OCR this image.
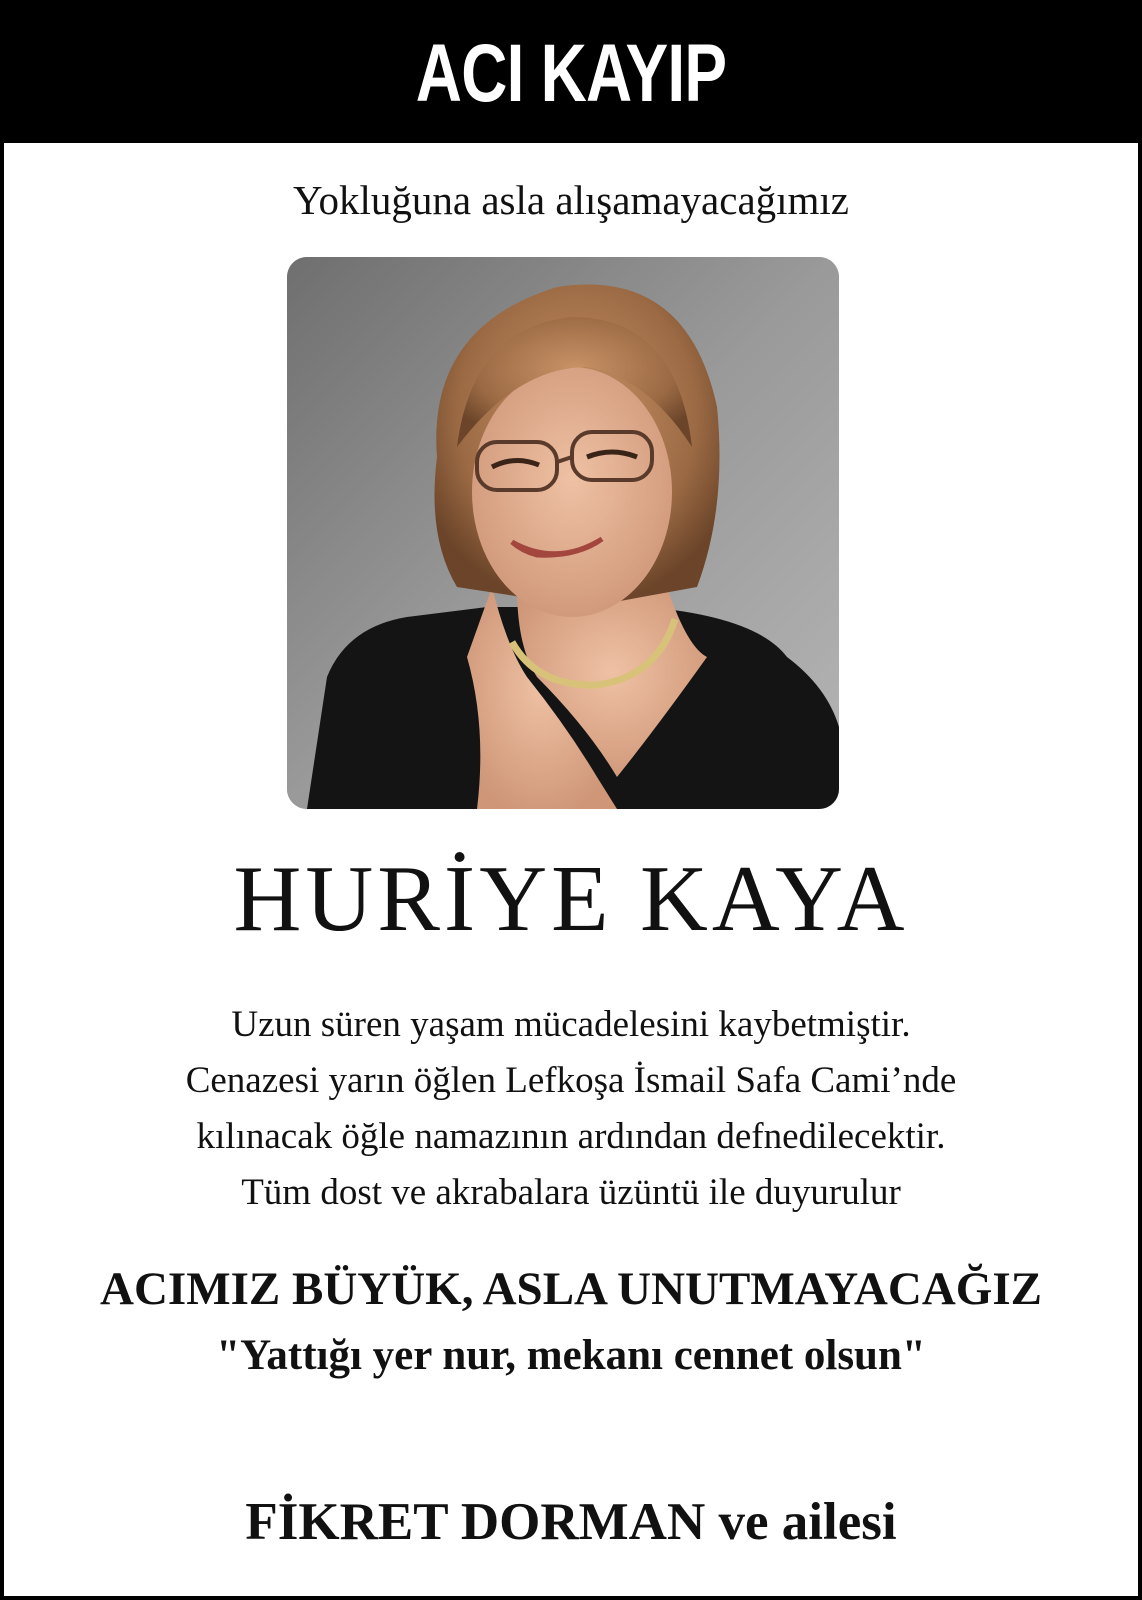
ACI KAYIP
Yokluğuna asla alışamayacağımız
HURİYE KAYA
Uzun süren yaşam mücadelesini kaybetmiştir.
Cenazesi yarın öğlen Lefkoşa İsmail Safa Cami’nde
kılınacak öğle namazının ardından defnedilecektir.
Tüm dost ve akrabalara üzüntü ile duyurulur
ACIMIZ BÜYÜK, ASLA UNUTMAYACAĞIZ
"Yattığı yer nur, mekanı cennet olsun"
FİKRET DORMAN ve ailesi
